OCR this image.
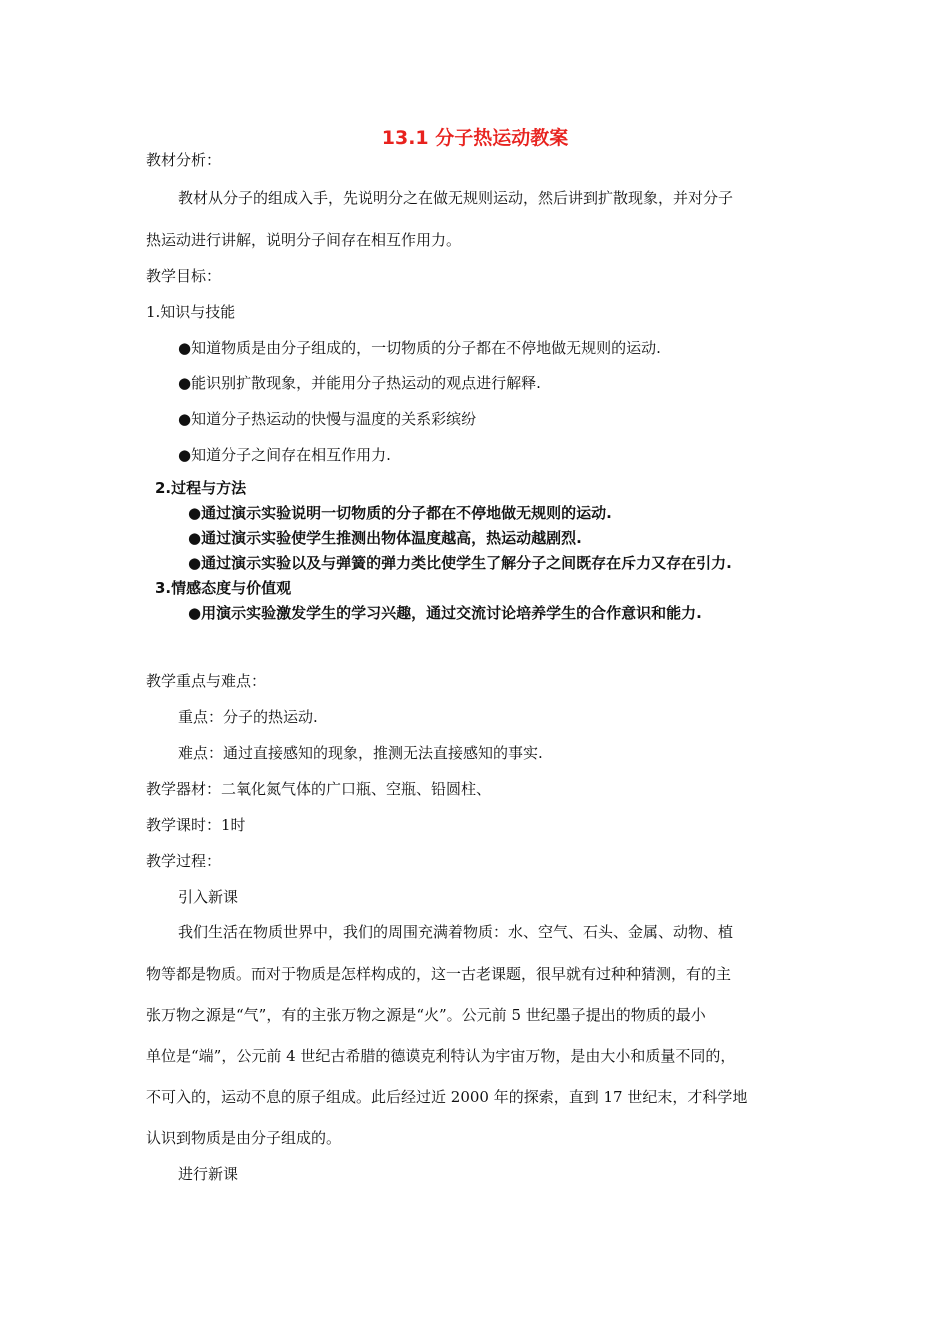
13.1 分子热运动教案
教材分析：
教材从分子的组成入手，先说明分之在做无规则运动，然后讲到扩散现象，并对分子
热运动进行讲解，说明分子间存在相互作用力。
教学目标：
1.知识与技能
●知道物质是由分子组成的，一切物质的分子都在不停地做无规则的运动.
●能识别扩散现象，并能用分子热运动的观点进行解释.
●知道分子热运动的快慢与温度的关系彩缤纷
●知道分子之间存在相互作用力.
2.过程与方法
●通过演示实验说明一切物质的分子都在不停地做无规则的运动.
●通过演示实验使学生推测出物体温度越高，热运动越剧烈.
●通过演示实验以及与弹簧的弹力类比使学生了解分子之间既存在斥力又存在引力.
3.情感态度与价值观
●用演示实验激发学生的学习兴趣，通过交流讨论培养学生的合作意识和能力.
教学重点与难点：
重点：分子的热运动.
难点：通过直接感知的现象，推测无法直接感知的事实.
教学器材：二氧化氮气体的广口瓶、空瓶、铅圆柱、
教学课时：1时
教学过程：
引入新课
我们生活在物质世界中，我们的周围充满着物质：水、空气、石头、金属、动物、植
物等都是物质。而对于物质是怎样构成的，这一古老课题，很早就有过种种猜测，有的主
张万物之源是“气”，有的主张万物之源是“火”。公元前 5 世纪墨子提出的物质的最小
单位是“端”，公元前 4 世纪古希腊的德谟克利特认为宇宙万物，是由大小和质量不同的，
不可入的，运动不息的原子组成。此后经过近 2000 年的探索，直到 17 世纪末，才科学地
认识到物质是由分子组成的。
进行新课
